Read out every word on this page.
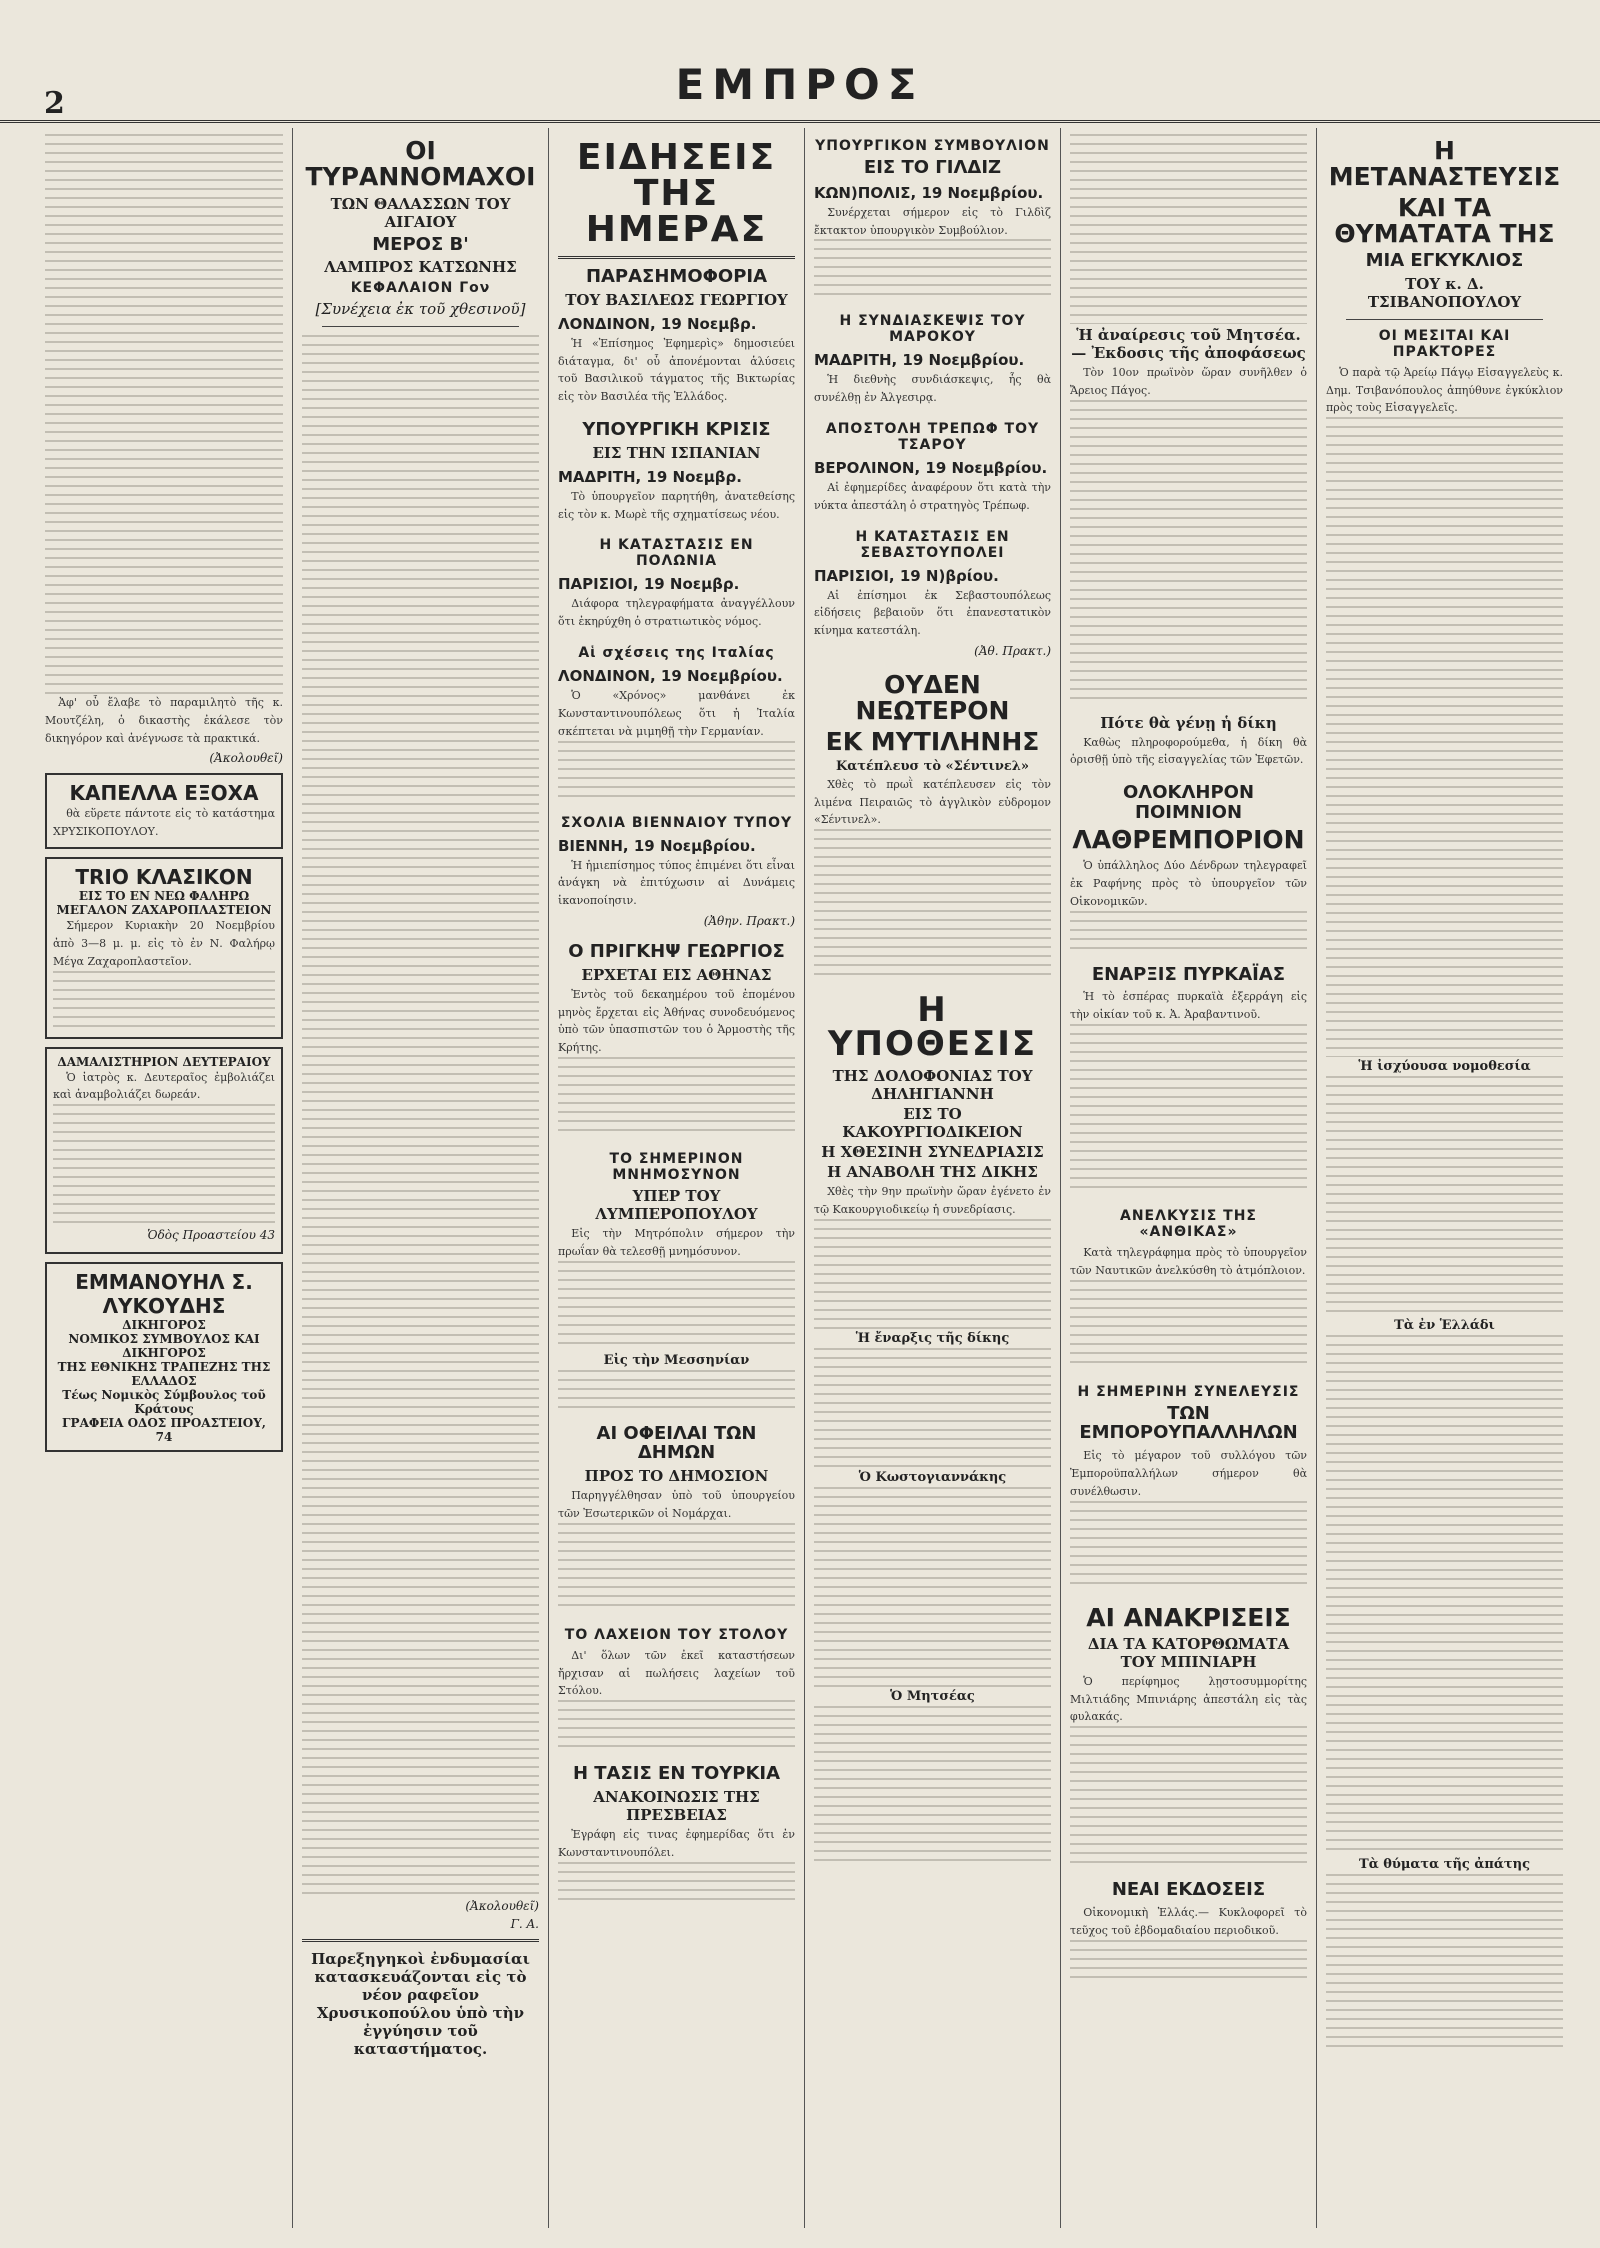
2	ΕΜΠΡΟΣ
Ἀφ' οὗ ἔλαβε τὸ παραμιλητὸ τῆς κ. Μουτζέλη, ὁ δικαστὴς ἐκάλεσε τὸν δικηγόρον καὶ ἀνέγνωσε τὰ πρακτικά.
(Ἀκολουθεῖ)
ΚΑΠΕΛΛΑ ΕΞΟΧΑ
θὰ εὕρετε πάντοτε εἰς τὸ κατάστημα ΧΡΥΣΙΚΟΠΟΥΛΟΥ.
TRIO ΚΛΑΣΙΚΟΝ
ΕΙΣ ΤΟ ΕΝ ΝΕΩ ΦΑΛΗΡΩ
ΜΕΓΑΛΟΝ ΖΑΧΑΡΟΠΛΑΣΤΕΙΟΝ
Σήμερον Κυριακὴν 20 Νοεμβρίου ἀπὸ 3—8 μ. μ. εἰς τὸ ἐν Ν. Φαλήρῳ Μέγα Ζαχαροπλαστεῖον.
ΔΑΜΑΛΙΣΤΗΡΙΟΝ ΔΕΥΤΕΡΑΙΟΥ
Ὁ ἰατρὸς κ. Δευτεραῖος ἐμβολιάζει καὶ ἀναμβολιάζει δωρεάν.
Ὁδὸς Προαστείου 43
ΕΜΜΑΝΟΥΗΛ Σ. ΛΥΚΟΥΔΗΣ
ΔΙΚΗΓΟΡΟΣ
ΝΟΜΙΚΟΣ ΣΥΜΒΟΥΛΟΣ ΚΑΙ ΔΙΚΗΓΟΡΟΣ
ΤΗΣ ΕΘΝΙΚΗΣ ΤΡΑΠΕΖΗΣ ΤΗΣ ΕΛΛΑΔΟΣ
Τέως Νομικὸς Σύμβουλος τοῦ Κράτους
ΓΡΑΦΕΙΑ ΟΔΟΣ ΠΡΟΑΣΤΕΙΟΥ, 74
ΟΙ ΤΥΡΑΝΝΟΜΑΧΟΙ
ΤΩΝ ΘΑΛΑΣΣΩΝ ΤΟΥ ΑΙΓΑΙΟΥ
ΜΕΡΟΣ Β'
ΛΑΜΠΡΟΣ ΚΑΤΣΩΝΗΣ
ΚΕΦΑΛΑΙΟΝ Γον
[Συνέχεια ἐκ τοῦ χθεσινοῦ]
(Ἀκολουθεῖ)
Γ. Α.
Παρεξηγηκοὶ ἐνδυμασίαι κατασκευάζονται εἰς τὸ νέον ραφεῖον Χρυσικοπούλου ὑπὸ τὴν ἐγγύησιν τοῦ καταστήματος.
ΕΙΔΗΣΕΙΣ ΤΗΣ ΗΜΕΡΑΣ
ΠΑΡΑΣΗΜΟΦΟΡΙΑ
ΤΟΥ ΒΑΣΙΛΕΩΣ ΓΕΩΡΓΙΟΥ
ΛΟΝΔΙΝΟΝ, 19 Νοεμβρ.
Ἡ «Ἐπίσημος Ἐφημερὶς» δημοσιεύει διάταγμα, δι' οὗ ἀπονέμονται ἁλύσεις τοῦ Βασιλικοῦ τάγματος τῆς Βικτωρίας εἰς τὸν Βασιλέα τῆς Ἑλλάδος.
ΥΠΟΥΡΓΙΚΗ ΚΡΙΣΙΣ
ΕΙΣ ΤΗΝ ΙΣΠΑΝΙΑΝ
ΜΑΔΡΙΤΗ, 19 Νοεμβρ.
Τὸ ὑπουργεῖον παρητήθη, ἀνατεθείσης εἰς τὸν κ. Μωρὲ τῆς σχηματίσεως νέου.
Η ΚΑΤΑΣΤΑΣΙΣ ΕΝ ΠΟΛΩΝΙΑ
ΠΑΡΙΣΙΟΙ, 19 Νοεμβρ.
Διάφορα τηλεγραφήματα ἀναγγέλλουν ὅτι ἐκηρύχθη ὁ στρατιωτικὸς νόμος.
Αἱ σχέσεις της Ιταλίας
ΛΟΝΔΙΝΟΝ, 19 Νοεμβρίου.
Ὁ «Χρόνος» μανθάνει ἐκ Κωνσταντινουπόλεως ὅτι ἡ Ἰταλία σκέπτεται νὰ μιμηθῇ τὴν Γερμανίαν.
ΣΧΟΛΙΑ ΒΙΕΝΝΑΙΟΥ ΤΥΠΟΥ
ΒΙΕΝΝΗ, 19 Νοεμβρίου.
Ἡ ἡμιεπίσημος τύπος ἐπιμένει ὅτι εἶναι ἀνάγκη νὰ ἐπιτύχωσιν αἱ Δυνάμεις ἱκανοποίησιν.
(Ἀθην. Πρακτ.)
Ο ΠΡΙΓΚΗΨ ΓΕΩΡΓΙΟΣ
ΕΡΧΕΤΑΙ ΕΙΣ ΑΘΗΝΑΣ
Ἐντὸς τοῦ δεκαημέρου τοῦ ἐπομένου μηνὸς ἔρχεται εἰς Ἀθήνας συνοδευόμενος ὑπὸ τῶν ὑπασπιστῶν του ὁ Ἁρμοστὴς τῆς Κρήτης.
ΤΟ ΣΗΜΕΡΙΝΟΝ ΜΝΗΜΟΣΥΝΟΝ
ΥΠΕΡ ΤΟΥ ΛΥΜΠΕΡΟΠΟΥΛΟΥ
Εἰς τὴν Μητρόπολιν σήμερον τὴν πρωΐαν θὰ τελεσθῇ μνημόσυνον.
Εἰς τὴν Μεσσηνίαν
ΑΙ ΟΦΕΙΛΑΙ ΤΩΝ ΔΗΜΩΝ
ΠΡΟΣ ΤΟ ΔΗΜΟΣΙΟΝ
Παρηγγέλθησαν ὑπὸ τοῦ ὑπουργείου τῶν Ἐσωτερικῶν οἱ Νομάρχαι.
ΤΟ ΛΑΧΕΙΟΝ ΤΟΥ ΣΤΟΛΟΥ
Δι' ὅλων τῶν ἐκεῖ καταστήσεων ἤρχισαν αἱ πωλήσεις λαχείων τοῦ Στόλου.
Η ΤΑΣΙΣ ΕΝ ΤΟΥΡΚΙΑ
ΑΝΑΚΟΙΝΩΣΙΣ ΤΗΣ ΠΡΕΣΒΕΙΑΣ
Ἐγράφη εἰς τινας ἐφημερίδας ὅτι ἐν Κωνσταντινουπόλει.
ΥΠΟΥΡΓΙΚΟΝ ΣΥΜΒΟΥΛΙΟΝ
ΕΙΣ ΤΟ ΓΙΛΔΙΖ
ΚΩΝ)ΠΟΛΙΣ, 19 Νοεμβρίου.
Συνέρχεται σήμερον εἰς τὸ Γιλδὶζ ἔκτακτον ὑπουργικὸν Συμβούλιον.
Η ΣΥΝΔΙΑΣΚΕΨΙΣ ΤΟΥ ΜΑΡΟΚΟΥ
ΜΑΔΡΙΤΗ, 19 Νοεμβρίου.
Ἡ διεθνὴς συνδιάσκεψις, ἧς θὰ συνέλθῃ ἐν Ἀλγεσιρᾳ.
ΑΠΟΣΤΟΛΗ ΤΡΕΠΩΦ ΤΟΥ ΤΣΑΡΟΥ
ΒΕΡΟΛΙΝΟΝ, 19 Νοεμβρίου.
Αἱ ἐφημερίδες ἀναφέρουν ὅτι κατὰ τὴν νύκτα ἀπεστάλη ὁ στρατηγὸς Τρέπωφ.
Η ΚΑΤΑΣΤΑΣΙΣ ΕΝ ΣΕΒΑΣΤΟΥΠΟΛΕΙ
ΠΑΡΙΣΙΟΙ, 19 Ν)βρίου.
Αἱ ἐπίσημοι ἐκ Σεβαστουπόλεως εἰδήσεις βεβαιοῦν ὅτι ἐπανεστατικὸν κίνημα κατεστάλη.
(Ἀθ. Πρακτ.)
ΟΥΔΕΝ ΝΕΩΤΕΡΟΝ
ΕΚ ΜΥΤΙΛΗΝΗΣ
Κατέπλευσ τὸ «Σέντινελ»
Χθὲς τὸ πρωῒ κατέπλευσεν εἰς τὸν λιμένα Πειραιῶς τὸ ἀγγλικὸν εὐδρομον «Σέντινελ».
Η ΥΠΟΘΕΣΙΣ
ΤΗΣ ΔΟΛΟΦΟΝΙΑΣ ΤΟΥ ΔΗΛΗΓΙΑΝΝΗ
ΕΙΣ ΤΟ ΚΑΚΟΥΡΓΙΟΔΙΚΕΙΟΝ
Η ΧΘΕΣΙΝΗ ΣΥΝΕΔΡΙΑΣΙΣ
Η ΑΝΑΒΟΛΗ ΤΗΣ ΔΙΚΗΣ
Χθὲς τὴν 9ην πρωϊνὴν ὥραν ἐγένετο ἐν τῷ Κακουργιοδικείῳ ἡ συνεδρίασις.
Ἡ ἔναρξις τῆς δίκης
Ὁ Κωστογιαννάκης
Ὁ Μητσέας
Ἡ ἀναίρεσις τοῦ Μητσέα.— Ἐκδοσις τῆς ἀποφάσεως
Τὸν 10ον πρωϊνὸν ὥραν συνῆλθεν ὁ Ἄρειος Πάγος.
Πότε θὰ γένῃ ἡ δίκη
Καθὼς πληροφορούμεθα, ἡ δίκη θὰ ὁρισθῇ ὑπὸ τῆς εἰσαγγελίας τῶν Ἐφετῶν.
ΟΛΟΚΛΗΡΟΝ ΠΟΙΜΝΙΟΝ
ΛΑΘΡΕΜΠΟΡΙΟΝ
Ὁ ὑπάλληλος Δύο Δένδρων τηλεγραφεῖ ἐκ Ραφήνης πρὸς τὸ ὑπουργεῖον τῶν Οἰκονομικῶν.
ΕΝΑΡΞΙΣ ΠΥΡΚΑΪΑΣ
Ἡ τὸ ἑσπέρας πυρκαϊὰ ἐξερράγη εἰς τὴν οἰκίαν τοῦ κ. Ἀ. Ἀραβαντινοῦ.
ΑΝΕΛΚΥΣΙΣ ΤΗΣ «ΑΝΘΙΚΑΣ»
Κατὰ τηλεγράφημα πρὸς τὸ ὑπουργεῖον τῶν Ναυτικῶν ἀνελκύσθη τὸ ἀτμόπλοιον.
Η ΣΗΜΕΡΙΝΗ ΣΥΝΕΛΕΥΣΙΣ
ΤΩΝ ΕΜΠΟΡΟΥΠΑΛΛΗΛΩΝ
Εἰς τὸ μέγαρον τοῦ συλλόγου τῶν Ἐμποροϋπαλλήλων σήμερον θὰ συνέλθωσιν.
ΑΙ ΑΝΑΚΡΙΣΕΙΣ
ΔΙΑ ΤΑ ΚΑΤΟΡΘΩΜΑΤΑ ΤΟΥ ΜΠΙΝΙΑΡΗ
Ὁ περίφημος λῃστοσυμμορίτης Μιλτιάδης Μπινιάρης ἀπεστάλη εἰς τὰς φυλακάς.
ΝΕΑΙ ΕΚΔΟΣΕΙΣ
Οἰκονομικὴ Ἑλλάς.— Κυκλοφορεῖ τὸ τεῦχος τοῦ ἑβδομαδιαίου περιοδικοῦ.
Η ΜΕΤΑΝΑΣΤΕΥΣΙΣ
ΚΑΙ ΤΑ ΘΥΜΑΤΑΤΑ ΤΗΣ
ΜΙΑ ΕΓΚΥΚΛΙΟΣ
ΤΟΥ κ. Δ. ΤΣΙΒΑΝΟΠΟΥΛΟΥ
ΟΙ ΜΕΣΙΤΑΙ ΚΑΙ ΠΡΑΚΤΟΡΕΣ
Ὁ παρὰ τῷ Ἀρείῳ Πάγῳ Εἰσαγγελεὺς κ. Δημ. Τσιβανόπουλος ἀπηύθυνε ἐγκύκλιον πρὸς τοὺς Εἰσαγγελεῖς.
Ἡ ἰσχύουσα νομοθεσία
Τὰ ἐν Ἑλλάδι
Τὰ θύματα τῆς ἀπάτης
